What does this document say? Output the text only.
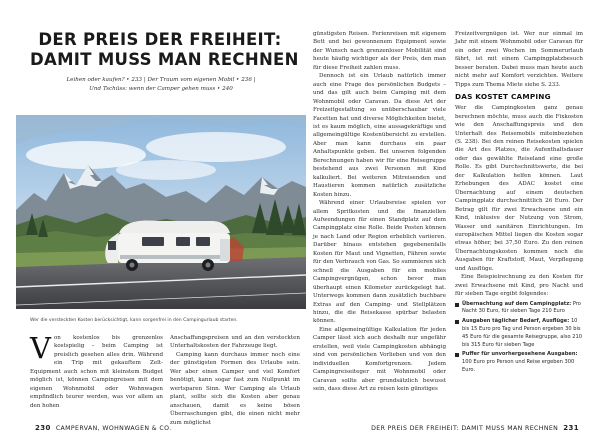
DER PREIS DER FREIHEIT:
DAMIT MUSS MAN RECHNEN
Leihen oder kaufen? ‣ 233 | Der Traum vom eigenen Mobil ‣ 236 |
Und Tschüss: wenn der Camper gehen muss ‣ 240
Wer die versteckten Kosten berücksichtigt, kann sorgenfrei in den Campingurlaub starten.
V on kostenlos bis grenzenlos kostspielig – beim Camping ist preislich gesehen alles drin. Während ein Trip mit gekauftem Zelt-Equipment auch schon mit kleinstem Budget möglich ist, können Campingreisen mit dem eigenen Wohnmobil oder Wohnwagen empfindlich teurer werden, was vor allem an den hohen

Anschaffungspreisen und an den versteckten Unterhaltskosten der Fahrzeuge liegt.

Camping kann durchaus immer noch eine der günstigsten Formen des Urlaubs sein. Wer aber einen Camper und viel Komfort benötigt, kann sogar fast zum Nullpunkt im wertsparen Sinn. Wer Camping als Urlaub plant, sollte sich die Kosten aber genau anschauen, damit es keine bösen Überraschungen gibt, die einen nicht mehr zum möglichst

günstigsten Reisen. Ferienreisen mit eigenem Bett und bei gewonnenem Equipment sowie der Wunsch nach grenzenloser Mobilität sind heute häufig wichtiger als der Preis, den man für diese Freiheit zahlen muss.

Dennoch ist ein Urlaub natürlich immer auch eine Frage des persönlichen Budgets – und das gilt auch beim Camping mit dem Wohnmobil oder Caravan. Da diese Art der Freizeitgestaltung so unüberschaubar viele Facetten hat und diverse Möglichkeiten bietet, ist es kaum möglich, eine aussagekräftige und allgemeingültige Kostenübersicht zu erstellen. Aber man kann durchaus ein paar Anhaltspunkte geben. Bei unseren folgenden Berechnungen haben wir für eine Reisegruppe bestehend aus zwei Personen mit Kind kalkuliert. Bei weiteren Mitreisenden und Haustieren kommen natürlich zusätzliche Kosten hinzu.

Während einer Urlaubsreise spielen vor allem Spritkosten und die finanziellen Aufwendungen für einen Standplatz auf dem Campingplatz eine Rolle. Beide Posten können je nach Land oder Region erheblich variieren. Darüber hinaus entstehen gegebenenfalls Kosten für Maut und Vignetten, Fähren sowie für den Verbrauch von Gas. So summieren sich schnell die Ausgaben für ein mobiles Campingvergnügen, schon bevor man überhaupt einen Kilometer zurückgelegt hat. Unterwegs kommen dann zusätzlich buchbare Extras auf den Camping- und Stellplätzen hinzu, die die Reisekasse spürbar belasten können.

Eine allgemeingültige Kalkulation für jeden Camper lässt sich auch deshalb nur ungefähr erstellen, weil viele Campingkosten abhängig sind von persönlichen Vorlieben und von den individuellen Komfortgrenzen. Jedem Campingreiseiteger mit Wohnmobil oder Caravan sollte aber grundsätzlich bewusst sein, dass diese Art zu reisen kein günstiges

Freizeitvergnügen ist. Wer nur einmal im Jahr mit einem Wohnmobil oder Caravan für ein oder zwei Wochen im Sommerurlaub fährt, ist mit einem Campingplatzbesuch besser beraten. Dabei muss man heute auch nicht mehr auf Komfort verzichten. Weitere Tipps zum Thema Miete siehe S. 233.

DAS KOSTET CAMPING

Wer die Campingkosten ganz genau berechnen möchte, muss auch die Fixkosten wie den Anschaffungspreis und den Unterhalt des Reisemobils miteinbeziehen (S. 238). Bei den reinen Reisekosten spielen die Art des Platzes, die Aufenthaltsdauer oder das gewählte Reiseland eine große Rolle. Es gibt Durchschnittswerte, die bei der Kalkulation helfen können. Laut Erhebungen des ADAC kostet eine Übernachtung auf einem deutschen Campingplatz durchschnittlich 26 Euro. Der Betrag gilt für zwei Erwachsene und ein Kind, inklusive der Nutzung von Strom, Wasser und sanitären Einrichtungen. Im europäischen Mittel liegen die Kosten sogar etwas höher, bei 37,50 Euro. Zu den reinen Übernachtungskosten kommen noch die Ausgaben für Kraftstoff, Maut, Verpflegung und Ausflüge.

Eine Beispielrechnung zu den Kosten für zwei Erwachsene mit Kind, pro Nacht und für sieben Tage ergibt folgendes:

Übernachtung auf dem Campingplatz: Pro Nacht 30 Euro, für sieben Tage 210 Euro
Ausgaben täglicher Bedarf, Ausflüge: 10 bis 15 Euro pro Tag und Person ergeben 30 bis 45 Euro für die gesamte Reisegruppe, also 210 bis 315 Euro für sieben Tage
Puffer für unvorhergesehene Ausgaben: 100 Euro pro Person und Reise ergeben 300 Euro.
230 CAMPERVAN, WOHNWAGEN & CO.	DER PREIS DER FREIHEIT: DAMIT MUSS MAN RECHNEN 231
